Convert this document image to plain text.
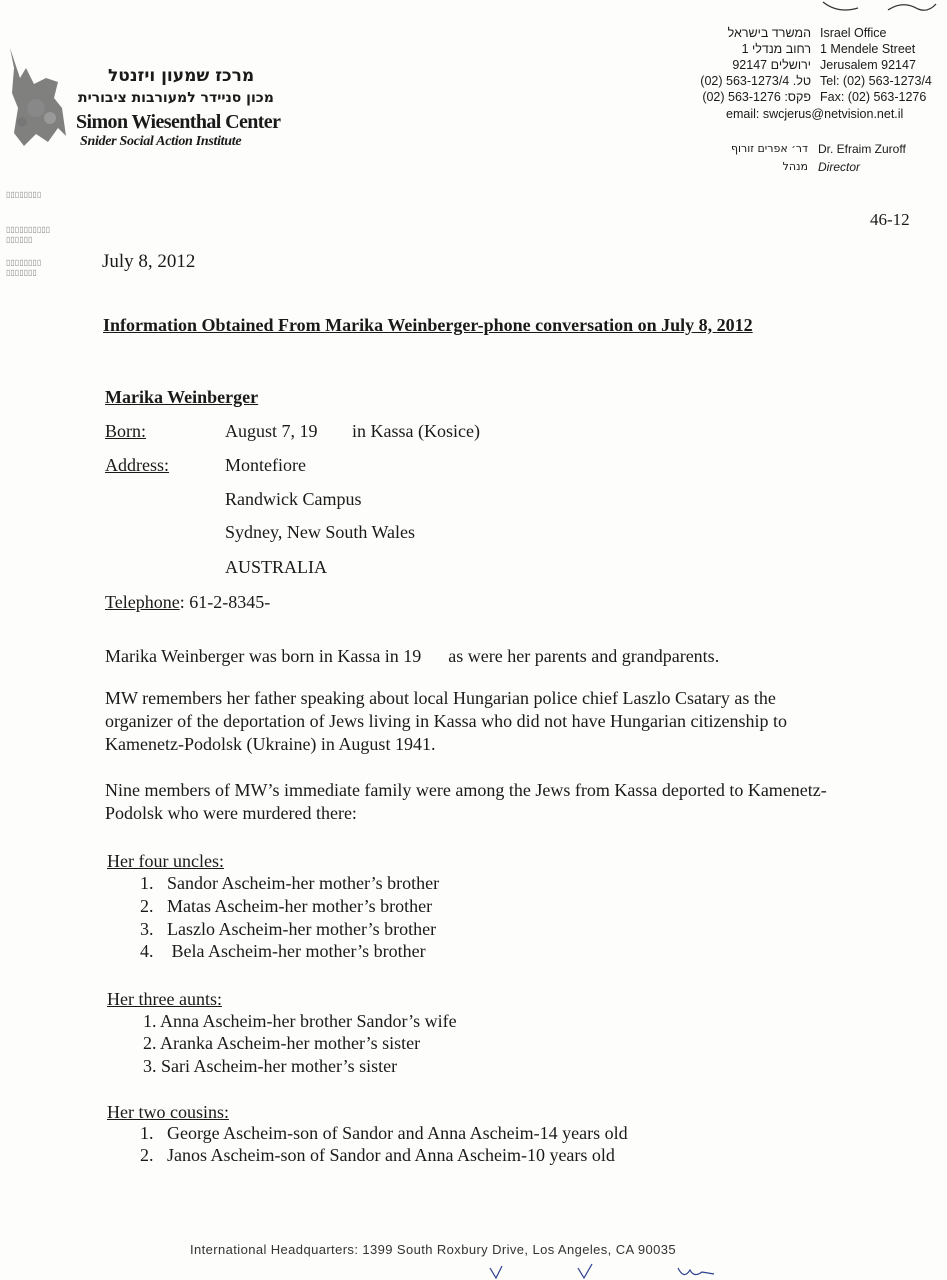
מרכז שמעון ויזנטל
מכון סניידר למעורבות ציבורית
Simon Wiesenthal Center
Snider Social Action Institute
המשרד בישראל
רחוב מנדלי 1
ירושלים 92147
טל. 563-1273/4 (02)
פקס: 563-1276 (02)
Israel Office
1 Mendele Street
Jerusalem 92147
Tel: (02) 563-1273/4
Fax: (02) 563-1276
email: swcjerus@netvision.net.il
דר׳ אפרים זורוף
מנהל
Dr. Efraim Zuroff
Director
▯▯▯▯▯▯▯▯
▯▯▯▯▯▯▯▯▯▯
▯▯▯▯▯▯
▯▯▯▯▯▯▯▯
▯▯▯▯▯▯▯
46-12
July 8, 2012
Information Obtained From Marika Weinberger-phone conversation on July 8, 2012
Marika Weinberger
Born:	August 7, 19 in Kassa (Kosice)
Address:	Montefiore
Randwick Campus
Sydney, New South Wales
AUSTRALIA
Telephone: 61-2-8345-
Marika Weinberger was born in Kassa in 19      as were her parents and grandparents.
MW remembers her father speaking about local Hungarian police chief Laszlo Csatary as the organizer of the deportation of Jews living in Kassa who did not have Hungarian citizenship to Kamenetz-Podolsk (Ukraine) in August 1941.
Nine members of MW’s immediate family were among the Jews from Kassa deported to Kamenetz-Podolsk who were murdered there:
Her four uncles:
1.   Sandor Ascheim-her mother’s brother
2.   Matas Ascheim-her mother’s brother
3.   Laszlo Ascheim-her mother’s brother
4.    Bela Ascheim-her mother’s brother
Her three aunts:
1. Anna Ascheim-her brother Sandor’s wife
2. Aranka Ascheim-her mother’s sister
3. Sari Ascheim-her mother’s sister
Her two cousins:
1.   George Ascheim-son of Sandor and Anna Ascheim-14 years old
2.   Janos Ascheim-son of Sandor and Anna Ascheim-10 years old
International Headquarters: 1399 South Roxbury Drive, Los Angeles, CA 90035
